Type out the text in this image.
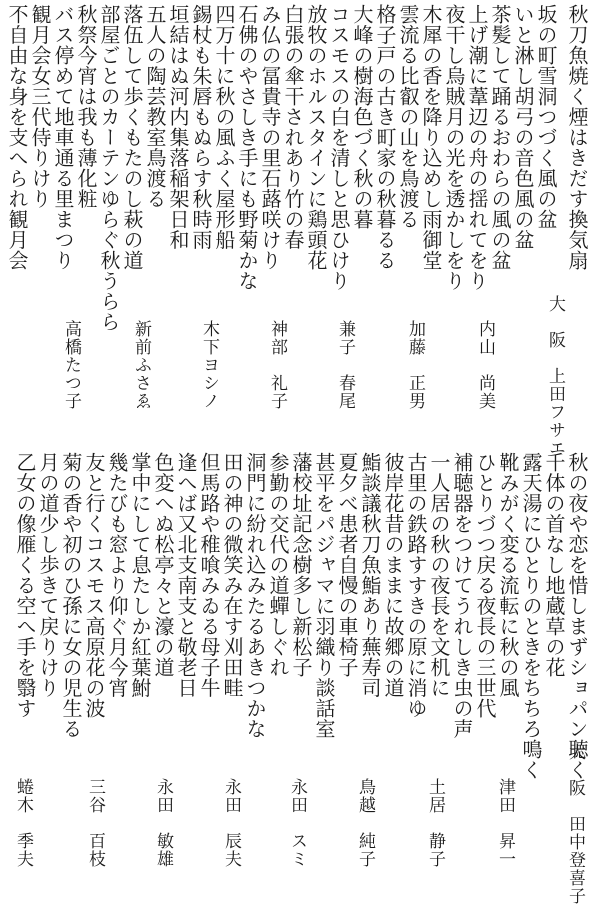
秋刀魚焼く煙はきだす換気扇
坂の町雪洞つづく風の盆
いと淋し胡弓の音色風の盆
茶髪して踊るおわらの風の盆
上げ潮に葦辺の舟の揺れてをり
夜干し烏賊月の光を透かしをり
木犀の香を降り込めし雨御堂
雲流る比叡の山を鳥渡る
格子戸の古き町家の秋暮るる
大峰の樹海色づく秋の暮
コスモスの白を清しと思ひけり
放牧のホルスタインに鶏頭花
白張の傘干されあり竹の春
み仏の冨貴寺の里石蕗咲けり
石佛のやさしき手にも野菊かな
四万十に秋の風ふく屋形船
錫杖も朱唇もぬらす秋時雨
垣結はぬ河内集落稲架日和
五人の陶芸教室鳥渡る
落伍して歩くもたのし萩の道
部屋ごとのカーテンゆらぐ秋うらら
秋祭今宵は我も薄化粧
バス停めて地車通る里まつり
観月会女三代侍りけり
不自由な身を支へられ観月会
大　阪　上田フサエ
内山　尚美
加藤　正男
兼子　春尾
神部　礼子
木下ヨシノ
新前ふさゑ
高橋たつ子
秋の夜や恋を惜しまずショパン聴く
千体の首なし地蔵草の花
露天湯にひとりのときをちちろ鳴く
靴みがく変る流転に秋の風
ひとりづつ戻る夜長の三世代
補聴器をつけてうれしき虫の声
一人居の秋の夜長を文机に
古里の鉄路すすきの原に消ゆ
彼岸花昔のままに故郷の道
鮨談議秋刀魚鮨あり蕪寿司
夏夕べ患者自慢の車椅子
甚平をパジャマに羽織り談話室
藩校址記念樹多し新松子
参勤の交代の道蟬しぐれ
洞門に紛れ込みたるあきつかな
田の神の微笑み在す刈田畦
但馬路や稚喰みゐる母子牛
逢へば又北支南支と敬老日
色変へぬ松亭々と濠の道
掌中にして息たしか紅葉鮒
幾たびも窓より仰ぐ月今宵
友と行くコスモス高原花の波
菊の香や初のひ孫に女の児生る
月の道少し歩きて戻りけり
乙女の像雁くる空へ手を翳す
大　阪　田中登喜子
津田　昇一
土居　静子
鳥越　純子
永田　スミ
永田　辰夫
永田　敏雄
三谷　百枝
蜷木　季夫
